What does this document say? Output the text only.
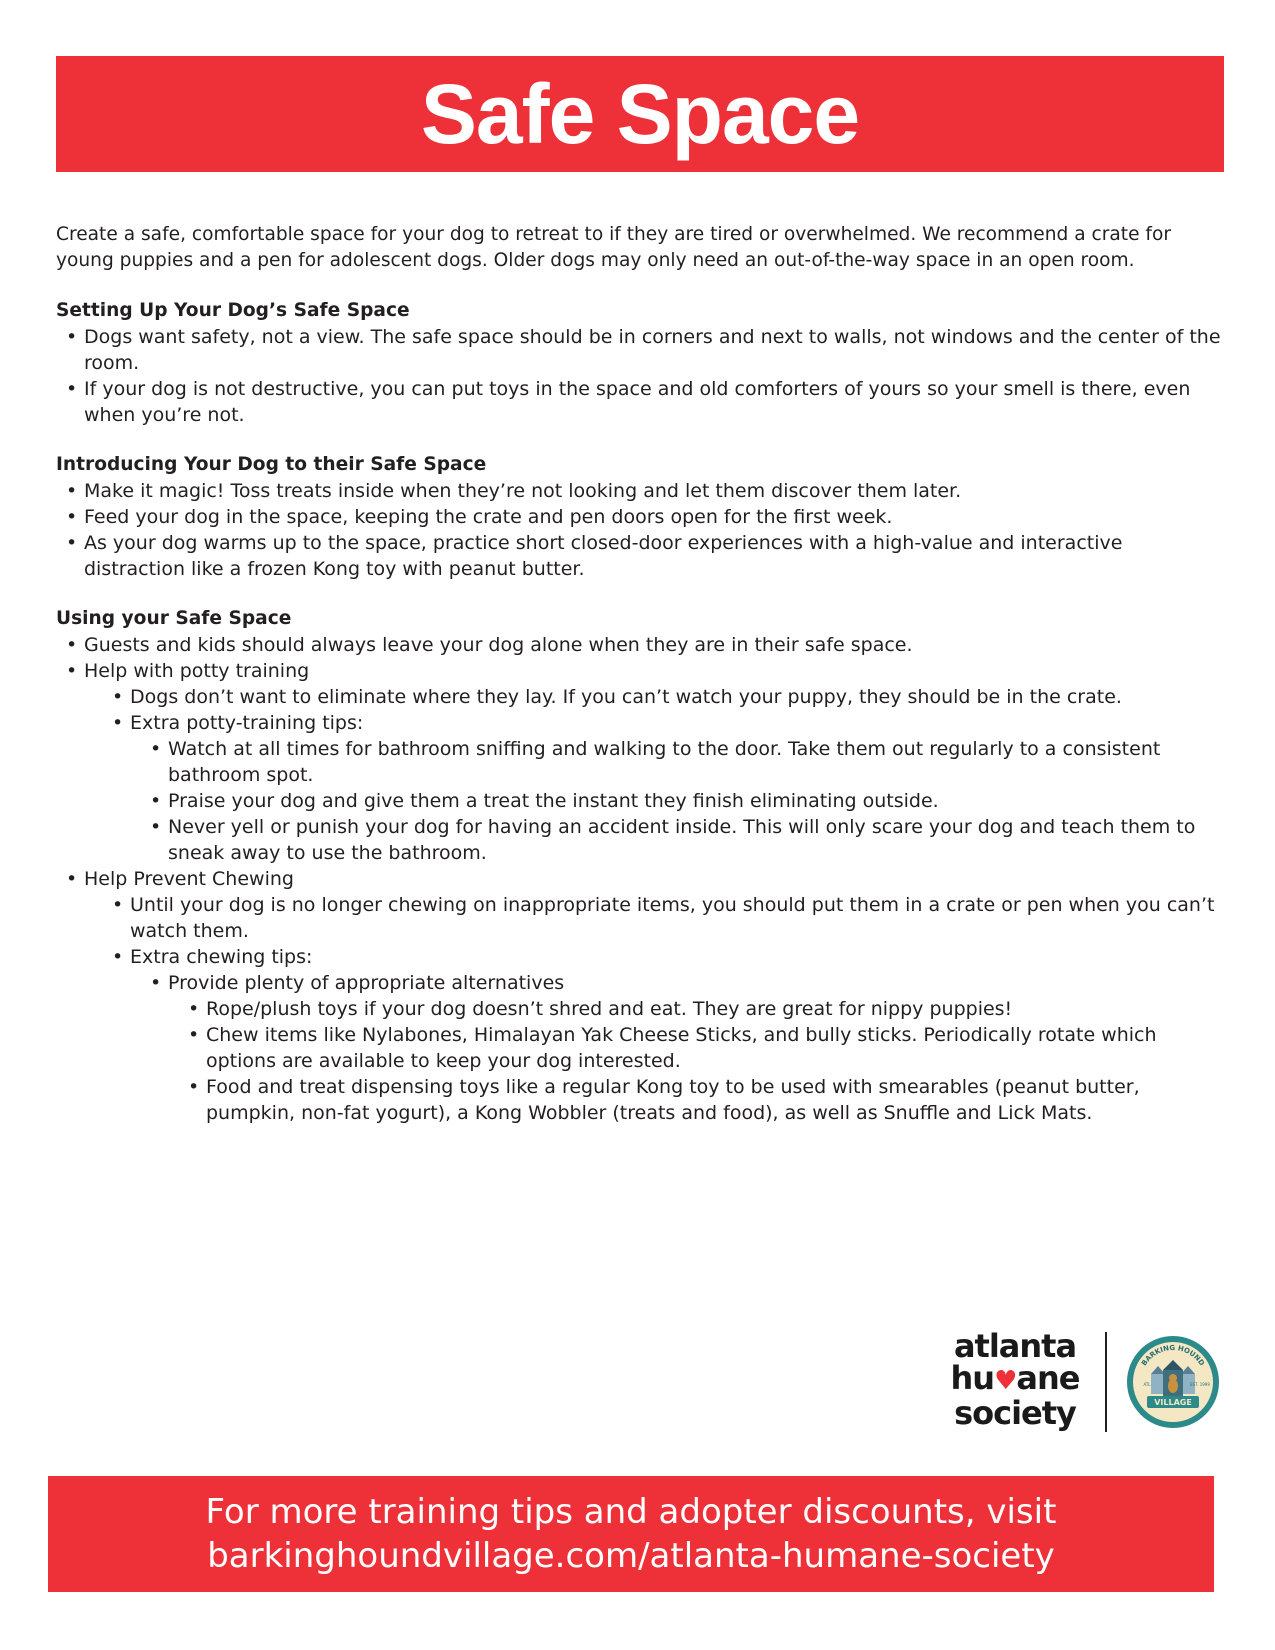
Safe Space

Create a safe, comfortable space for your dog to retreat to if they are tired or overwhelmed. We recommend a crate for young puppies and a pen for adolescent dogs. Older dogs may only need an out-of-the-way space in an open room.

Setting Up Your Dog’s Safe Space
• Dogs want safety, not a view. The safe space should be in corners and next to walls, not windows and the center of the room.
• If your dog is not destructive, you can put toys in the space and old comforters of yours so your smell is there, even when you’re not.
Introducing Your Dog to their Safe Space
• Make it magic! Toss treats inside when they’re not looking and let them discover them later.
• Feed your dog in the space, keeping the crate and pen doors open for the first week.
• As your dog warms up to the space, practice short closed-door experiences with a high-value and interactive distraction like a frozen Kong toy with peanut butter.
Using your Safe Space
• Guests and kids should always leave your dog alone when they are in their safe space.
• Help with potty training
• Dogs don’t want to eliminate where they lay. If you can’t watch your puppy, they should be in the crate.
• Extra potty-training tips:
• Watch at all times for bathroom sniffing and walking to the door. Take them out regularly to a consistent bathroom spot.
• Praise your dog and give them a treat the instant they finish eliminating outside.
• Never yell or punish your dog for having an accident inside. This will only scare your dog and teach them to sneak away to use the bathroom.
• Help Prevent Chewing
• Until your dog is no longer chewing on inappropriate items, you should put them in a crate or pen when you can’t watch them.
• Extra chewing tips:
• Provide plenty of appropriate alternatives
• Rope/plush toys if your dog doesn’t shred and eat. They are great for nippy puppies!
• Chew items like Nylabones, Himalayan Yak Cheese Sticks, and bully sticks. Periodically rotate which options are available to keep your dog interested.
• Food and treat dispensing toys like a regular Kong toy to be used with smearables (peanut butter, pumpkin, non-fat yogurt), a Kong Wobbler (treats and food), as well as Snuffle and Lick Mats.
atlanta
hu♥ane
society
BARKING HOUND
VILLAGE
ATL	EST. 1999
For more training tips and adopter discounts, visit
barkinghoundvillage.com/atlanta-humane-society
